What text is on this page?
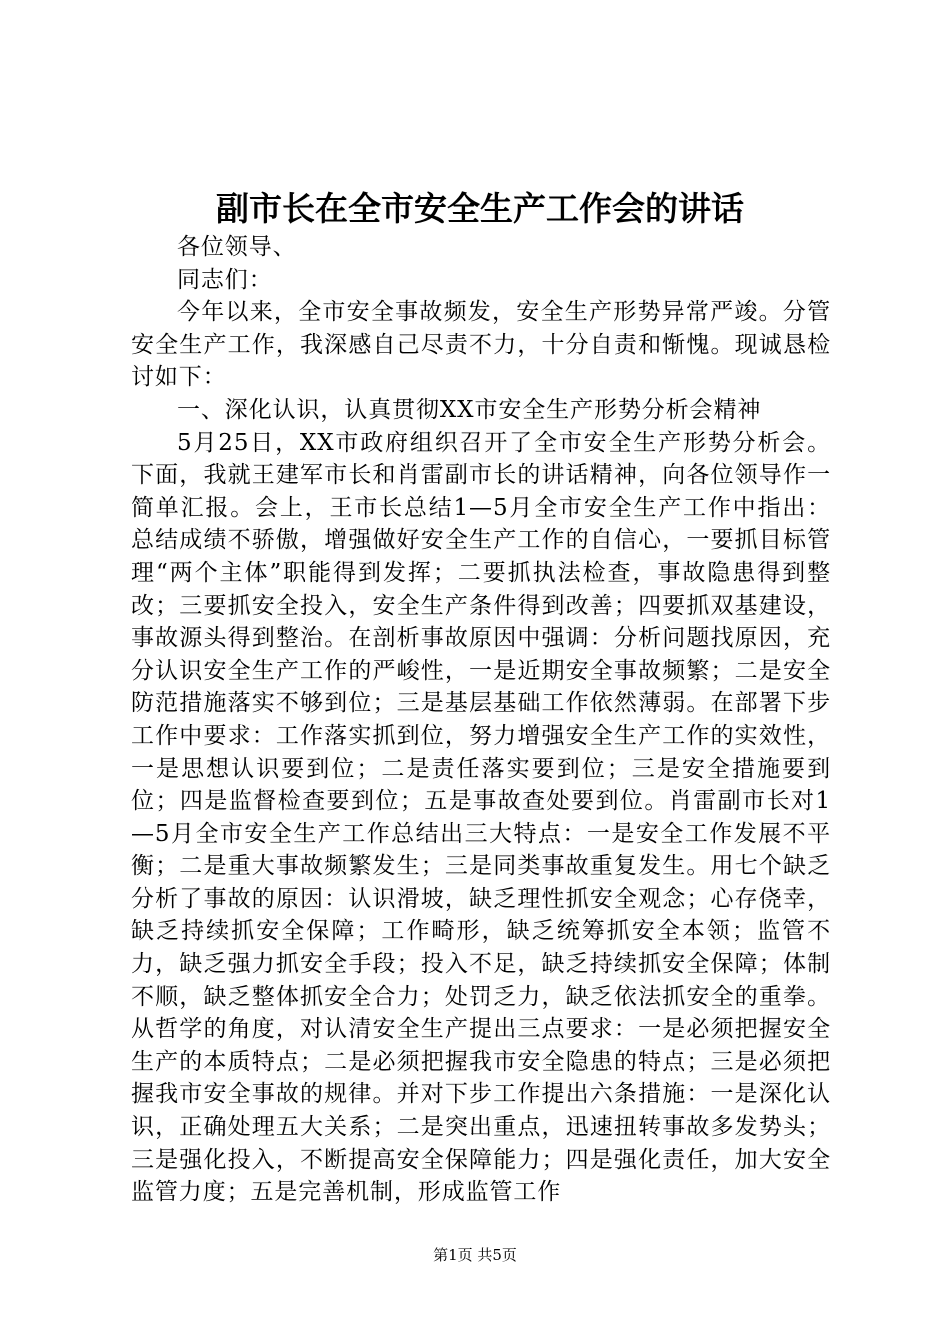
副市长在全市安全生产工作会的讲话

各位领导、

同志们：

今年以来，全市安全事故频发，安全生产形势异常严竣。分管安全生产工作，我深感自己尽责不力，十分自责和惭愧。现诚恳检讨如下：

一、深化认识，认真贯彻XX市安全生产形势分析会精神

5月25日，XX市政府组织召开了全市安全生产形势分析会。下面，我就王建军市长和肖雷副市长的讲话精神，向各位领导作一简单汇报。会上，王市长总结1—5月全市安全生产工作中指出：总结成绩不骄傲，增强做好安全生产工作的自信心，一要抓目标管理“两个主体”职能得到发挥；二要抓执法检查，事故隐患得到整改；三要抓安全投入，安全生产条件得到改善；四要抓双基建设，事故源头得到整治。在剖析事故原因中强调：分析问题找原因，充分认识安全生产工作的严峻性，一是近期安全事故频繁；二是安全防范措施落实不够到位；三是基层基础工作依然薄弱。在部署下步工作中要求：工作落实抓到位，努力增强安全生产工作的实效性，一是思想认识要到位；二是责任落实要到位；三是安全措施要到位；四是监督检查要到位；五是事故查处要到位。肖雷副市长对1—5月全市安全生产工作总结出三大特点：一是安全工作发展不平衡；二是重大事故频繁发生；三是同类事故重复发生。用七个缺乏分析了事故的原因：认识滑坡，缺乏理性抓安全观念；心存侥幸，缺乏持续抓安全保障；工作畸形，缺乏统筹抓安全本领；监管不力，缺乏强力抓安全手段；投入不足，缺乏持续抓安全保障；体制不顺，缺乏整体抓安全合力；处罚乏力，缺乏依法抓安全的重拳。从哲学的角度，对认清安全生产提出三点要求：一是必须把握安全生产的本质特点；二是必须把握我市安全隐患的特点；三是必须把握我市安全事故的规律。并对下步工作提出六条措施：一是深化认识，正确处理五大关系；二是突出重点，迅速扭转事故多发势头；三是强化投入，不断提高安全保障能力；四是强化责任，加大安全监管力度；五是完善机制，形成监管工作

第1页 共5页
